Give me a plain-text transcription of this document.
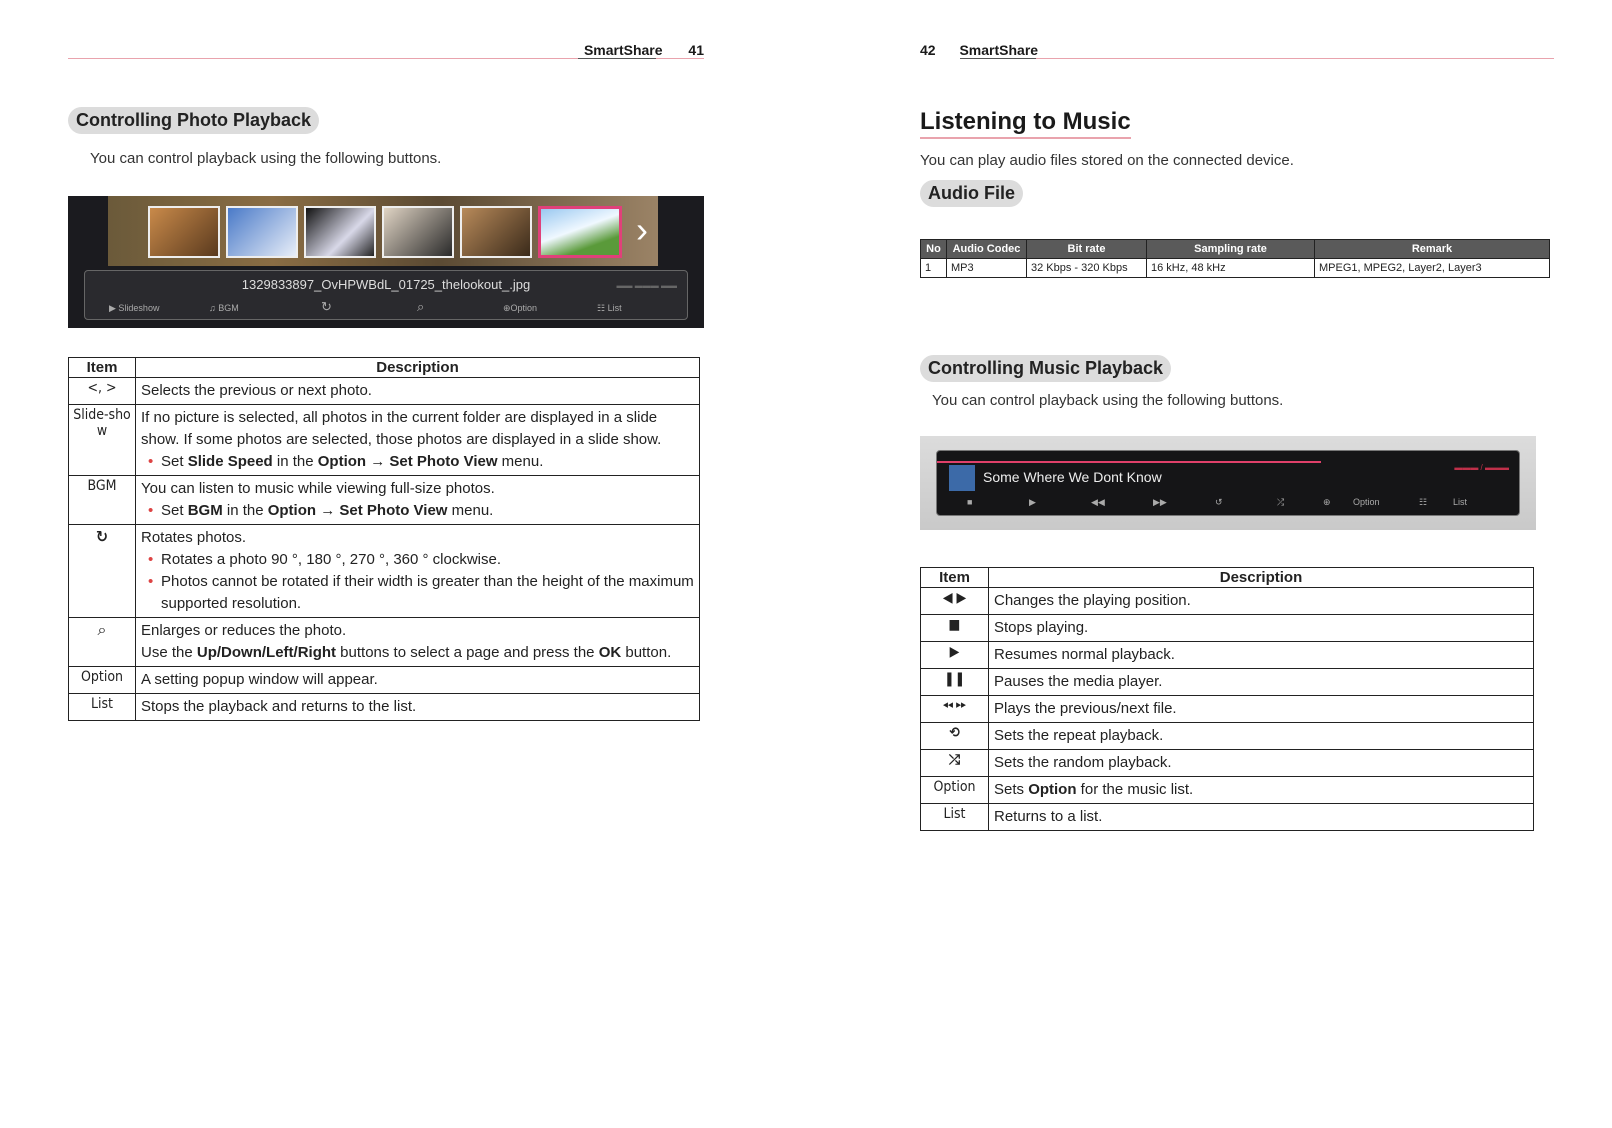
SmartShare 41
Controlling Photo Playback
You can control playback using the following buttons.
›
1329833897_OvHPWBdL_01725_thelookout_.jpg	▬▬ ▬▬▬ ▬▬
▶ Slideshow	♫ BGM	↻	⌕	⊕Option	☷ List
Item	Description
<, >	Selects the previous or next photo.
Slide-show	If no picture is selected, all photos in the current folder are displayed in a slide show. If some photos are selected, those photos are displayed in a slide show.
• Set Slide Speed in the Option → Set Photo View menu.

BGM	You can listen to music while viewing full-size photos.
• Set BGM in the Option → Set Photo View menu.

↻	Rotates photos.
• Rotates a photo 90 °, 180 °, 270 °, 360 ° clockwise.
• Photos cannot be rotated if their width is greater than the height of the maximum supported resolution.

⌕	Enlarges or reduces the photo.
Use the Up/Down/Left/Right buttons to select a page and press the OK button.

Option	A setting popup window will appear.
List	Stops the playback and returns to the list.
42 SmartShare
Listening to Music
You can play audio files stored on the connected device.
Audio File
No	Audio Codec	Bit rate	Sampling rate	Remark
1	MP3	32 Kbps - 320 Kbps	16 kHz, 48 kHz	MPEG1, MPEG2, Layer2, Layer3
Controlling Music Playback
You can control playback using the following buttons.
Some Where We Dont Know
▬▬▬ / ▬▬▬
■	▶	◀◀	▶▶	↺	⤮	⊕ Option	☷	List
Item	Description
◀ ▶	Changes the playing position.
■	Stops playing.
▶	Resumes normal playback.
❚❚	Pauses the media player.
◂◂ ▸▸	Plays the previous/next file.
⟲	Sets the repeat playback.
⤮	Sets the random playback.
Option	Sets Option for the music list.
List	Returns to a list.
